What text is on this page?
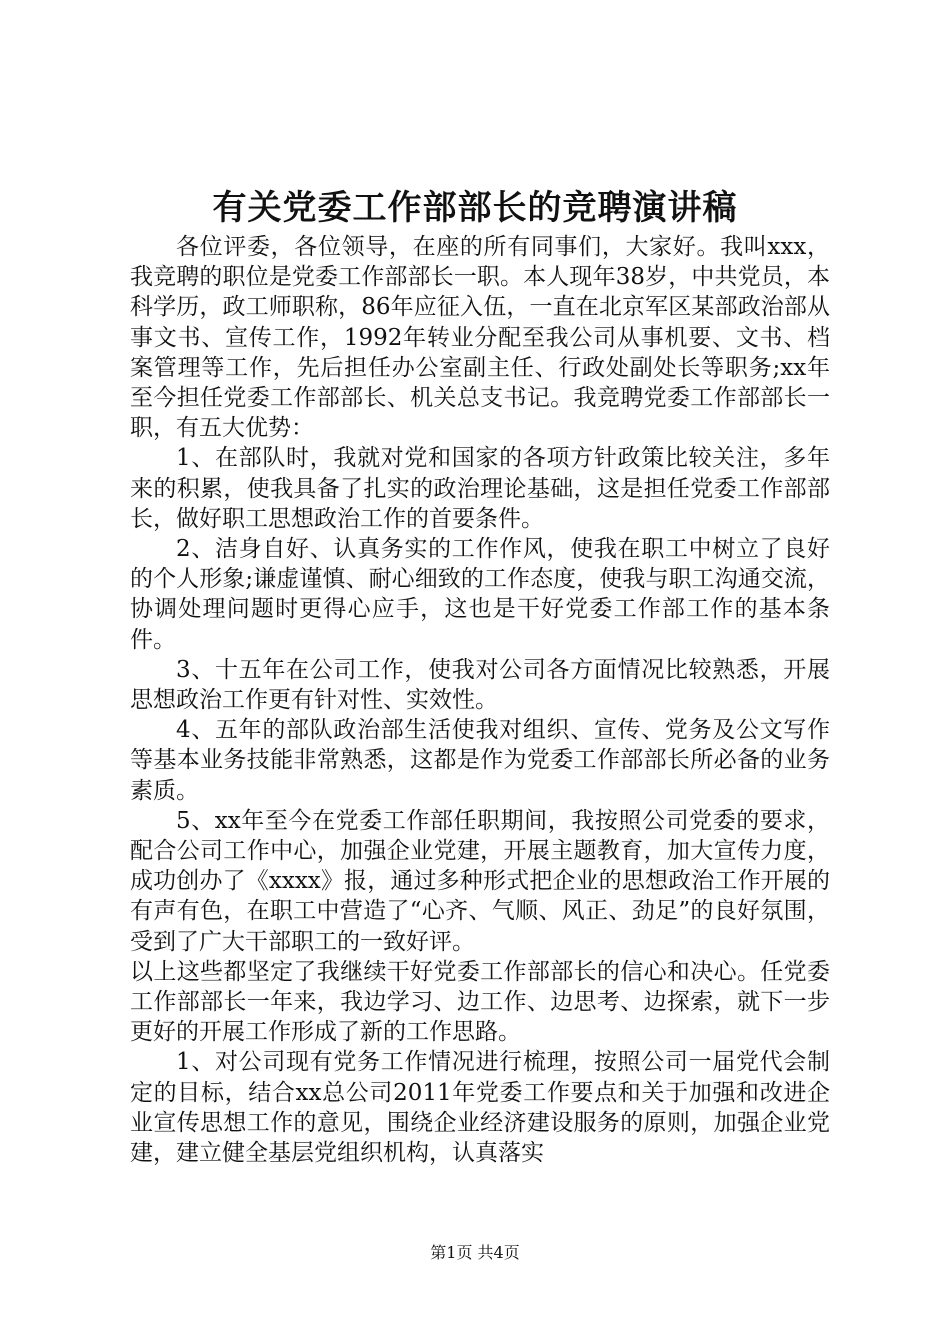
有关党委工作部部长的竞聘演讲稿

各位评委，各位领导，在座的所有同事们，大家好。我叫xxx，我竞聘的职位是党委工作部部长一职。本人现年38岁，中共党员，本科学历，政工师职称，86年应征入伍，一直在北京军区某部政治部从事文书、宣传工作，1992年转业分配至我公司从事机要、文书、档案管理等工作，先后担任办公室副主任、行政处副处长等职务;xx年至今担任党委工作部部长、机关总支书记。我竞聘党委工作部部长一职，有五大优势：

1、在部队时，我就对党和国家的各项方针政策比较关注，多年来的积累，使我具备了扎实的政治理论基础，这是担任党委工作部部长，做好职工思想政治工作的首要条件。

2、洁身自好、认真务实的工作作风，使我在职工中树立了良好的个人形象;谦虚谨慎、耐心细致的工作态度，使我与职工沟通交流，协调处理问题时更得心应手，这也是干好党委工作部工作的基本条件。

3、十五年在公司工作，使我对公司各方面情况比较熟悉，开展思想政治工作更有针对性、实效性。

4、五年的部队政治部生活使我对组织、宣传、党务及公文写作等基本业务技能非常熟悉，这都是作为党委工作部部长所必备的业务素质。

5、xx年至今在党委工作部任职期间，我按照公司党委的要求，配合公司工作中心，加强企业党建，开展主题教育，加大宣传力度，成功创办了《xxxx》报，通过多种形式把企业的思想政治工作开展的有声有色，在职工中营造了“心齐、气顺、风正、劲足”的良好氛围，受到了广大干部职工的一致好评。

以上这些都坚定了我继续干好党委工作部部长的信心和决心。任党委工作部部长一年来，我边学习、边工作、边思考、边探索，就下一步更好的开展工作形成了新的工作思路。

1、对公司现有党务工作情况进行梳理，按照公司一届党代会制定的目标，结合xx总公司2011年党委工作要点和关于加强和改进企业宣传思想工作的意见，围绕企业经济建设服务的原则，加强企业党建，建立健全基层党组织机构，认真落实

第1页 共4页
